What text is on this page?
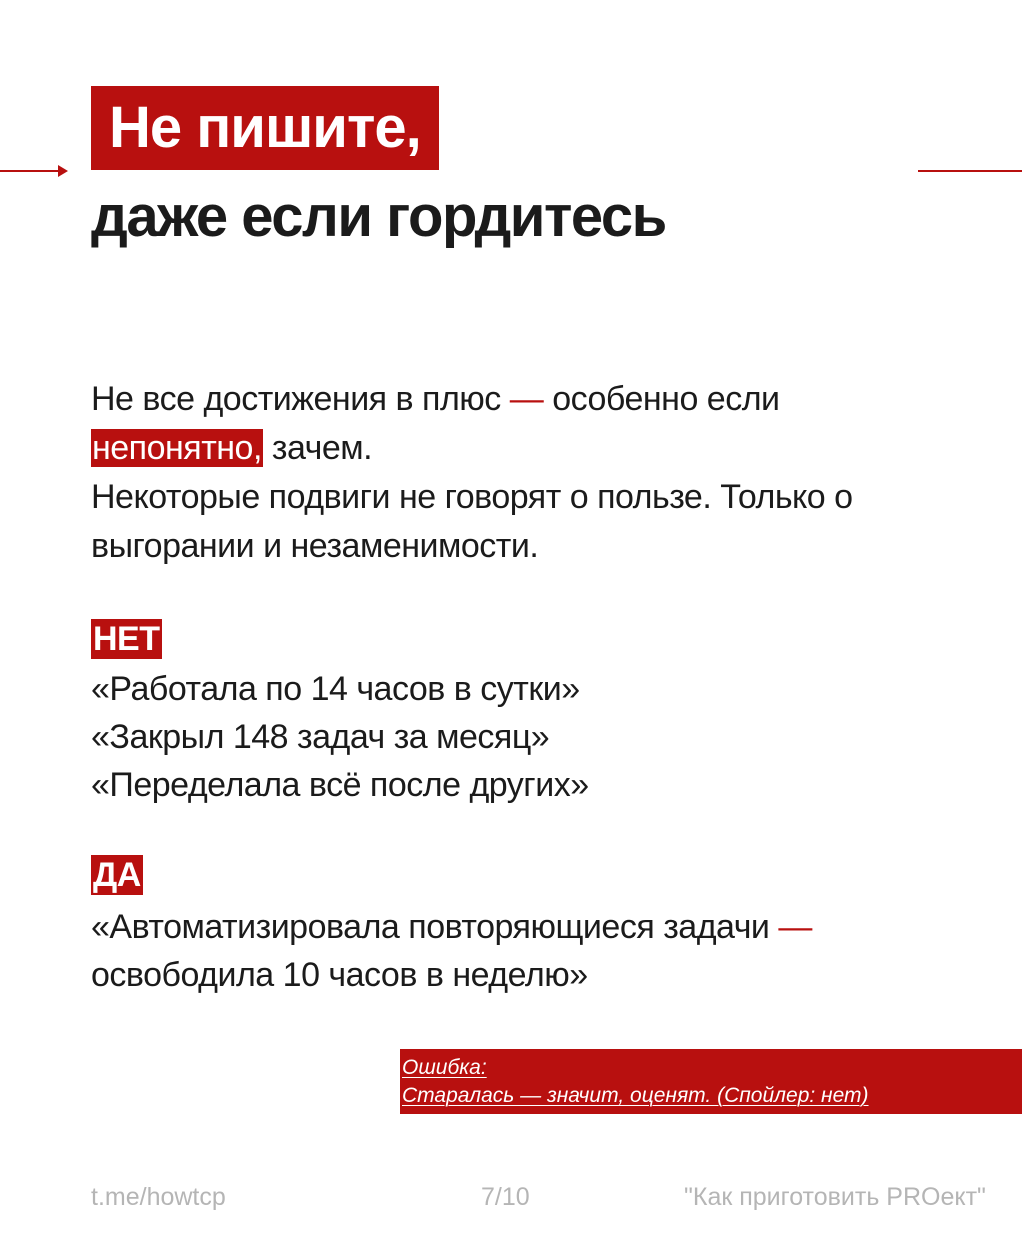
Не пишите,
даже если гордитесь
Не все достижения в плюс — особенно если
непонятно, зачем.
Некоторые подвиги не говорят о пользе. Только о
выгорании и незаменимости.
НЕТ
«Работала по 14 часов в сутки»
«Закрыл 148 задач за месяц»
«Переделала всё после других»
ДА
«Автоматизировала повторяющиеся задачи —
освободила 10 часов в неделю»
Ошибка:
Старалась — значит, оценят. (Спойлер: нет)
t.me/howtcp	7/10	"Как приготовить PROект"
